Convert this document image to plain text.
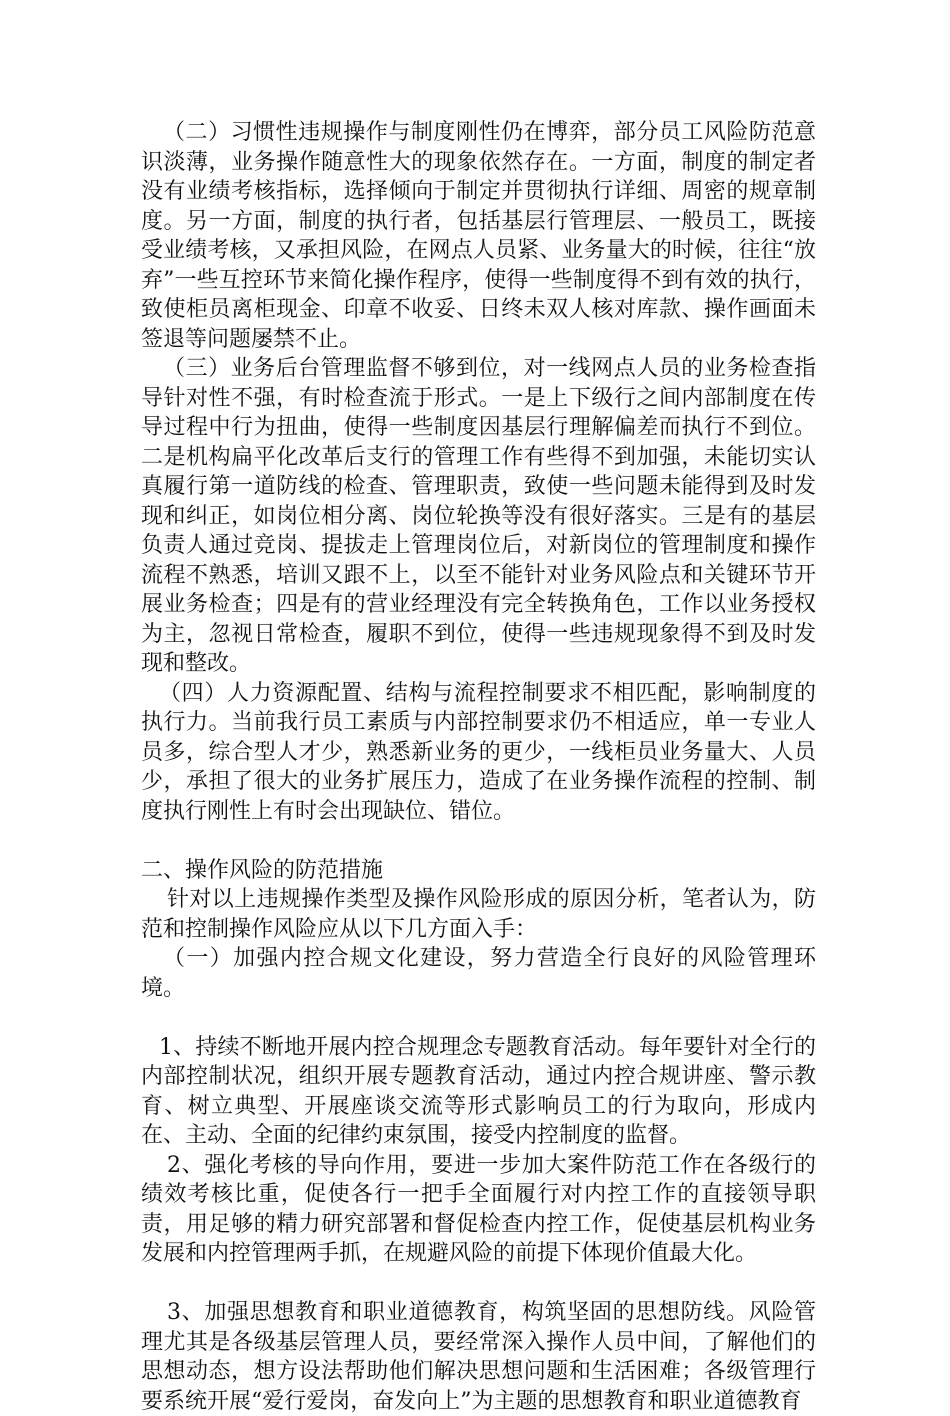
（二）习惯性违规操作与制度刚性仍在博弈，部分员工风险防范意识淡薄，业务操作随意性大的现象依然存在。一方面，制度的制定者没有业绩考核指标，选择倾向于制定并贯彻执行详细、周密的规章制度。另一方面，制度的执行者，包括基层行管理层、一般员工，既接受业绩考核，又承担风险，在网点人员紧、业务量大的时候，往往“放弃”一些互控环节来简化操作程序，使得一些制度得不到有效的执行，致使柜员离柜现金、印章不收妥、日终未双人核对库款、操作画面未签退等问题屡禁不止。

（三）业务后台管理监督不够到位，对一线网点人员的业务检查指导针对性不强，有时检查流于形式。一是上下级行之间内部制度在传导过程中行为扭曲，使得一些制度因基层行理解偏差而执行不到位。二是机构扁平化改革后支行的管理工作有些得不到加强，未能切实认真履行第一道防线的检查、管理职责，致使一些问题未能得到及时发现和纠正，如岗位相分离、岗位轮换等没有很好落实。三是有的基层负责人通过竞岗、提拔走上管理岗位后，对新岗位的管理制度和操作流程不熟悉，培训又跟不上，以至不能针对业务风险点和关键环节开展业务检查；四是有的营业经理没有完全转换角色，工作以业务授权为主，忽视日常检查，履职不到位，使得一些违规现象得不到及时发现和整改。

（四）人力资源配置、结构与流程控制要求不相匹配，影响制度的执行力。当前我行员工素质与内部控制要求仍不相适应，单一专业人员多，综合型人才少，熟悉新业务的更少，一线柜员业务量大、人员少，承担了很大的业务扩展压力，造成了在业务操作流程的控制、制度执行刚性上有时会出现缺位、错位。

二、操作风险的防范措施

针对以上违规操作类型及操作风险形成的原因分析，笔者认为，防范和控制操作风险应从以下几方面入手：

（一）加强内控合规文化建设，努力营造全行良好的风险管理环境。

1、持续不断地开展内控合规理念专题教育活动。每年要针对全行的内部控制状况，组织开展专题教育活动，通过内控合规讲座、警示教育、树立典型、开展座谈交流等形式影响员工的行为取向，形成内在、主动、全面的纪律约束氛围，接受内控制度的监督。

2、强化考核的导向作用，要进一步加大案件防范工作在各级行的绩效考核比重，促使各行一把手全面履行对内控工作的直接领导职责，用足够的精力研究部署和督促检查内控工作，促使基层机构业务发展和内控管理两手抓，在规避风险的前提下体现价值最大化。

3、加强思想教育和职业道德教育，构筑坚固的思想防线。风险管理尤其是各级基层管理人员，要经常深入操作人员中间，了解他们的思想动态，想方设法帮助他们解决思想问题和生活困难；各级管理行要系统开展“爱行爱岗，奋发向上”为主题的思想教育和职业道德教育
